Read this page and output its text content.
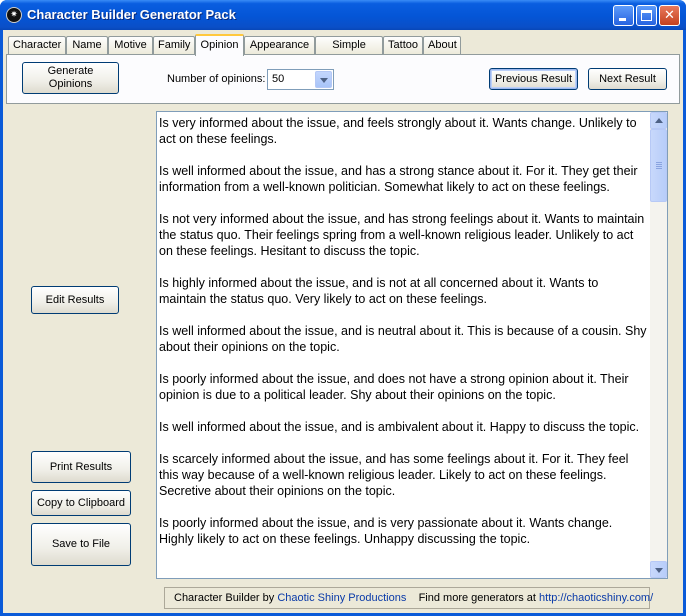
✷ Character Builder Generator Pack	✕
Character	Name	Motive	Family Opinion	Appearance	Simple	Tattoo About
Generate
Opinions	Number of opinions: 50	Previous Result	Next Result
Edit Results
Print Results
Copy to Clipboard
Save to File

Is very informed about the issue, and feels strongly about it. Wants change. Unlikely to act on these feelings.

Is well informed about the issue, and has a strong stance about it. For it. They get their information from a well-known politician. Somewhat likely to act on these feelings.

Is not very informed about the issue, and has strong feelings about it. Wants to maintain the status quo. Their feelings spring from a well-known religious leader. Unlikely to act on these feelings. Hesitant to discuss the topic.

Is highly informed about the issue, and is not at all concerned about it. Wants to maintain the status quo. Very likely to act on these feelings.

Is well informed about the issue, and is neutral about it. This is because of a cousin. Shy about their opinions on the topic.

Is poorly informed about the issue, and does not have a strong opinion about it. Their opinion is due to a political leader. Shy about their opinions on the topic.

Is well informed about the issue, and is ambivalent about it. Happy to discuss the topic.

Is scarcely informed about the issue, and has some feelings about it. For it. They feel this way because of a well-known religious leader. Likely to act on these feelings. Secretive about their opinions on the topic.

Is poorly informed about the issue, and is very passionate about it. Wants change. Highly likely to act on these feelings. Unhappy discussing the topic.

Character Builder by Chaotic Shiny Productions Find more generators at http://chaoticshiny.com/
